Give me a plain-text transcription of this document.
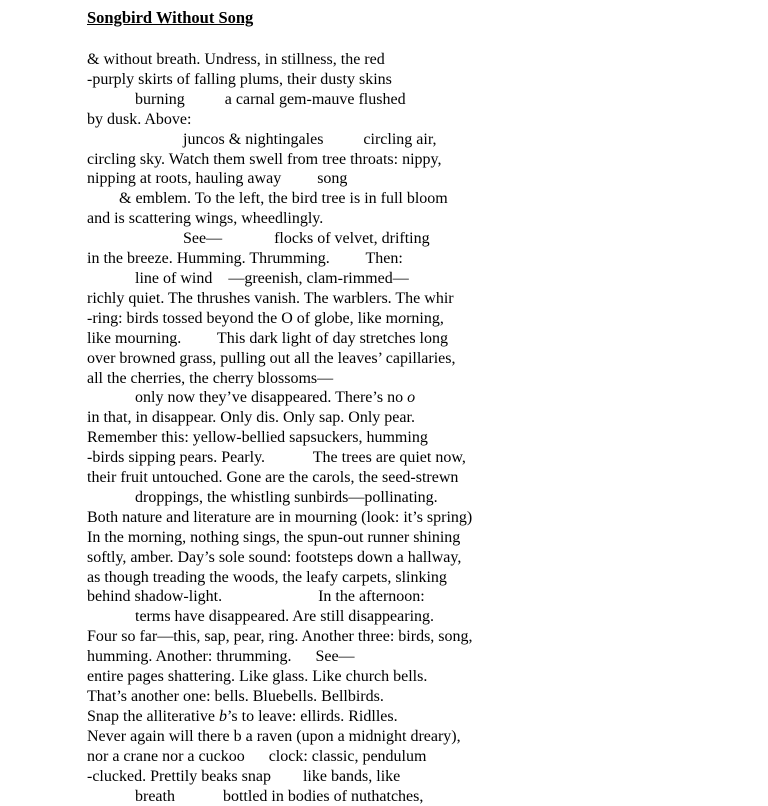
Songbird Without Song
& without breath. Undress, in stillness, the red
-purply skirts of falling plums, their dusty skins
	burning          a carnal gem-mauve flushed
by dusk. Above:
		juncos & nightingales          circling air,
circling sky. Watch them swell from tree throats: nippy,
nipping at roots, hauling away         song
& emblem. To the left, the bird tree is in full bloom
and is scattering wings, wheedlingly.
		See—             flocks of velvet, drifting
in the breeze. Humming. Thrumming.         Then:
	line of wind    —greenish, clam-rimmed—
richly quiet. The thrushes vanish. The warblers. The whir
-ring: birds tossed beyond the O of globe, like morning,
like mourning.         This dark light of day stretches long
over browned grass, pulling out all the leaves’ capillaries,
all the cherries, the cherry blossoms—
	only now they’ve disappeared. There’s no o
in that, in disappear. Only dis. Only sap. Only pear.
Remember this: yellow-bellied sapsuckers, humming
-birds sipping pears. Pearly.            The trees are quiet now,
their fruit untouched. Gone are the carols, the seed-strewn
	droppings, the whistling sunbirds—pollinating.
Both nature and literature are in mourning (look: it’s spring)
In the morning, nothing sings, the spun-out runner shining
softly, amber. Day’s sole sound: footsteps down a hallway,
as though treading the woods, the leafy carpets, slinking
behind shadow-light.                        In the afternoon:
	terms have disappeared. Are still disappearing.
Four so far—this, sap, pear, ring. Another three: birds, song,
humming. Another: thrumming.      See—
entire pages shattering. Like glass. Like church bells.
That’s another one: bells. Bluebells. Bellbirds.
Snap the alliterative b’s to leave: ellirds. Ridlles.
Never again will there b a raven (upon a midnight dreary),
nor a crane nor a cuckoo      clock: classic, pendulum
-clucked. Prettily beaks snap        like bands, like
	breath            bottled in bodies of nuthatches,
